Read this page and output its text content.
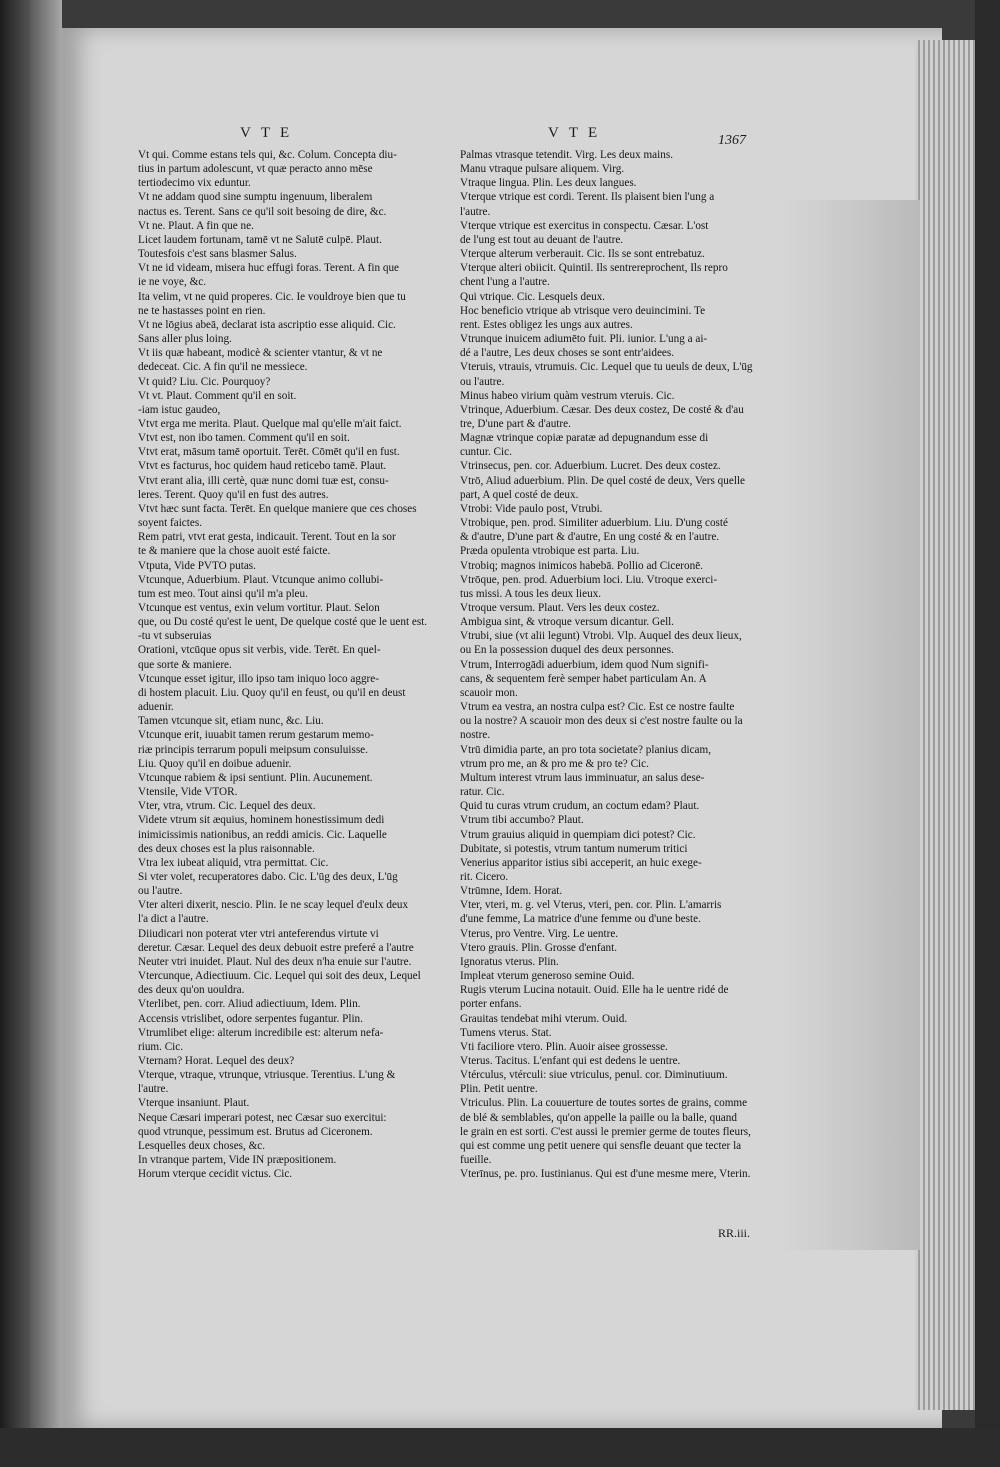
VTE	VTE	1367
Vt qui. Comme estans tels qui, &c. Colum. Concepta diu-
tius in partum adolescunt, vt quæ peracto anno mēse
tertiodecimo vix eduntur.
Vt ne addam quod sine sumptu ingenuum, liberalem
nactus es. Terent. Sans ce qu'il soit besoing de dire, &c.
Vt ne. Plaut. A fin que ne.
Licet laudem fortunam, tamē vt ne Salutē culpē. Plaut.
Toutesfois c'est sans blasmer Salus.
Vt ne id videam, misera huc effugi foras. Terent. A fin que
ie ne voye, &c.
Ita velim, vt ne quid properes. Cic. Ie vouldroye bien que tu
ne te hastasses point en rien.
Vt ne lōgius abeā, declarat ista ascriptio esse aliquid. Cic.
Sans aller plus loing.
Vt iis quæ habeant, modicè & scienter vtantur, & vt ne
dedeceat. Cic. A fin qu'il ne messiece.
Vt quid? Liu. Cic. Pourquoy?
Vt vt. Plaut. Comment qu'il en soit.
-iam istuc gaudeo,
Vtvt erga me merita. Plaut. Quelque mal qu'elle m'ait faict.
Vtvt est, non ibo tamen. Comment qu'il en soit.
Vtvt erat, māsum tamē oportuit. Terēt. Cōmēt qu'il en fust.
Vtvt es facturus, hoc quidem haud reticebo tamē. Plaut.
Vtvt erant alia, illi certè, quæ nunc domi tuæ est, consu-
leres. Terent. Quoy qu'il en fust des autres.
Vtvt hæc sunt facta. Terēt. En quelque maniere que ces choses
soyent faictes.
Rem patri, vtvt erat gesta, indicauit. Terent. Tout en la sor
te & maniere que la chose auoit esté faicte.
Vtputa, Vide PVTO putas.
Vtcunque, Aduerbium. Plaut. Vtcunque animo collubi-
tum est meo. Tout ainsi qu'il m'a pleu.
Vtcunque est ventus, exin velum vortitur. Plaut. Selon
que, ou Du costé qu'est le uent, De quelque costé que le uent est.
-tu vt subseruias
Orationi, vtcūque opus sit verbis, vide. Terēt. En quel-
que sorte & maniere.
Vtcunque esset igitur, illo ipso tam iniquo loco aggre-
di hostem placuit. Liu. Quoy qu'il en feust, ou qu'il en deust
aduenir.
Tamen vtcunque sit, etiam nunc, &c. Liu.
Vtcunque erit, iuuabit tamen rerum gestarum memo-
riæ principis terrarum populi meipsum consuluisse.
Liu. Quoy qu'il en doibue aduenir.
Vtcunque rabiem & ipsi sentiunt. Plin. Aucunement.
Vtensile, Vide VTOR.
Vter, vtra, vtrum. Cic. Lequel des deux.
Videte vtrum sit æquius, hominem honestissimum dedi
inimicissimis nationibus, an reddi amicis. Cic. Laquelle
des deux choses est la plus raisonnable.
Vtra lex iubeat aliquid, vtra permittat. Cic.
Si vter volet, recuperatores dabo. Cic. L'ūg des deux, L'ūg
ou l'autre.
Vter alteri dixerit, nescio. Plin. Ie ne scay lequel d'eulx deux
l'a dict a l'autre.
Diiudicari non poterat vter vtri anteferendus virtute vi
deretur. Cæsar. Lequel des deux debuoit estre preferé a l'autre
Neuter vtri inuidet. Plaut. Nul des deux n'ha enuie sur l'autre.
Vtercunque, Adiectiuum. Cic. Lequel qui soit des deux, Lequel
des deux qu'on uouldra.
Vterlibet, pen. corr. Aliud adiectiuum, Idem. Plin.
Accensis vtrislibet, odore serpentes fugantur. Plin.
Vtrumlibet elige: alterum incredibile est: alterum nefa-
rium. Cic.
Vternam? Horat. Lequel des deux?
Vterque, vtraque, vtrunque, vtriusque. Terentius. L'ung &
l'autre.
Vterque insaniunt. Plaut.
Neque Cæsari imperari potest, nec Cæsar suo exercitui:
quod vtrunque, pessimum est. Brutus ad Ciceronem.
Lesquelles deux choses, &c.
In vtranque partem, Vide IN præpositionem.
Horum vterque cecidit victus. Cic.
Palmas vtrasque tetendit. Virg. Les deux mains.
Manu vtraque pulsare aliquem. Virg.
Vtraque lingua. Plin. Les deux langues.
Vterque vtrique est cordi. Terent. Ils plaisent bien l'ung a
l'autre.
Vterque vtrique est exercitus in conspectu. Cæsar. L'ost
de l'ung est tout au deuant de l'autre.
Vterque alterum verberauit. Cic. Ils se sont entrebatuz.
Vterque alteri obiicit. Quintil. Ils sentrereprochent, Ils repro
chent l'ung a l'autre.
Qui vtrique. Cic. Lesquels deux.
Hoc beneficio vtrique ab vtrisque vero deuincimini. Te
rent. Estes obligez les ungs aux autres.
Vtrunque inuicem adiumēto fuit. Pli. iunior. L'ung a ai-
dé a l'autre, Les deux choses se sont entr'aidees.
Vteruis, vtrauis, vtrumuis. Cic. Lequel que tu ueuls de deux, L'ūg
ou l'autre.
Minus habeo virium quàm vestrum vteruis. Cic.
Vtrinque, Aduerbium. Cæsar. Des deux costez, De costé & d'au
tre, D'une part & d'autre.
Magnæ vtrinque copiæ paratæ ad depugnandum esse di
cuntur. Cic.
Vtrinsecus, pen. cor. Aduerbium. Lucret. Des deux costez.
Vtrō, Aliud aduerbium. Plin. De quel costé de deux, Vers quelle
part, A quel costé de deux.
Vtrobi: Vide paulo post, Vtrubi.
Vtrobique, pen. prod. Similiter aduerbium. Liu. D'ung costé
& d'autre, D'une part & d'autre, En ung costé & en l'autre.
Præda opulenta vtrobique est parta. Liu.
Vtrobiq; magnos inimicos habebā. Pollio ad Ciceronē.
Vtrōque, pen. prod. Aduerbium loci. Liu. Vtroque exerci-
tus missi. A tous les deux lieux.
Vtroque versum. Plaut. Vers les deux costez.
Ambigua sint, & vtroque versum dicantur. Gell.
Vtrubi, siue (vt alii legunt) Vtrobi. Vlp. Auquel des deux lieux,
ou En la possession duquel des deux personnes.
Vtrum, Interrogādi aduerbium, idem quod Num signifi-
cans, & sequentem ferè semper habet particulam An. A
scauoir mon.
Vtrum ea vestra, an nostra culpa est? Cic. Est ce nostre faulte
ou la nostre? A scauoir mon des deux si c'est nostre faulte ou la
nostre.
Vtrū dimidia parte, an pro tota societate? planius dicam,
vtrum pro me, an & pro me & pro te? Cic.
Multum interest vtrum laus imminuatur, an salus dese-
ratur. Cic.
Quid tu curas vtrum crudum, an coctum edam? Plaut.
Vtrum tibi accumbo? Plaut.
Vtrum grauius aliquid in quempiam dici potest? Cic.
Dubitate, si potestis, vtrum tantum numerum tritici
Venerius apparitor istius sibi acceperit, an huic exege-
rit. Cicero.
Vtrūmne, Idem. Horat.
Vter, vteri, m. g. vel Vterus, vteri, pen. cor. Plin. L'amarris
d'une femme, La matrice d'une femme ou d'une beste.
Vterus, pro Ventre. Virg. Le uentre.
Vtero grauis. Plin. Grosse d'enfant.
Ignoratus vterus. Plin.
Impleat vterum generoso semine Ouid.
Rugis vterum Lucina notauit. Ouid. Elle ha le uentre ridé de
porter enfans.
Grauitas tendebat mihi vterum. Ouid.
Tumens vterus. Stat.
Vti faciliore vtero. Plin. Auoir aisee grossesse.
Vterus. Tacitus. L'enfant qui est dedens le uentre.
Vtérculus, vtérculi: siue vtriculus, penul. cor. Diminutiuum.
Plin. Petit uentre.
Vtriculus. Plin. La couuerture de toutes sortes de grains, comme
de blé & semblables, qu'on appelle la paille ou la balle, quand
le grain en est sorti. C'est aussi le premier germe de toutes fleurs,
qui est comme ung petit uenere qui sensfle deuant que tecter la
fueille.
Vterīnus, pe. pro. Iustinianus. Qui est d'une mesme mere, Vterin.
RR.iii.
